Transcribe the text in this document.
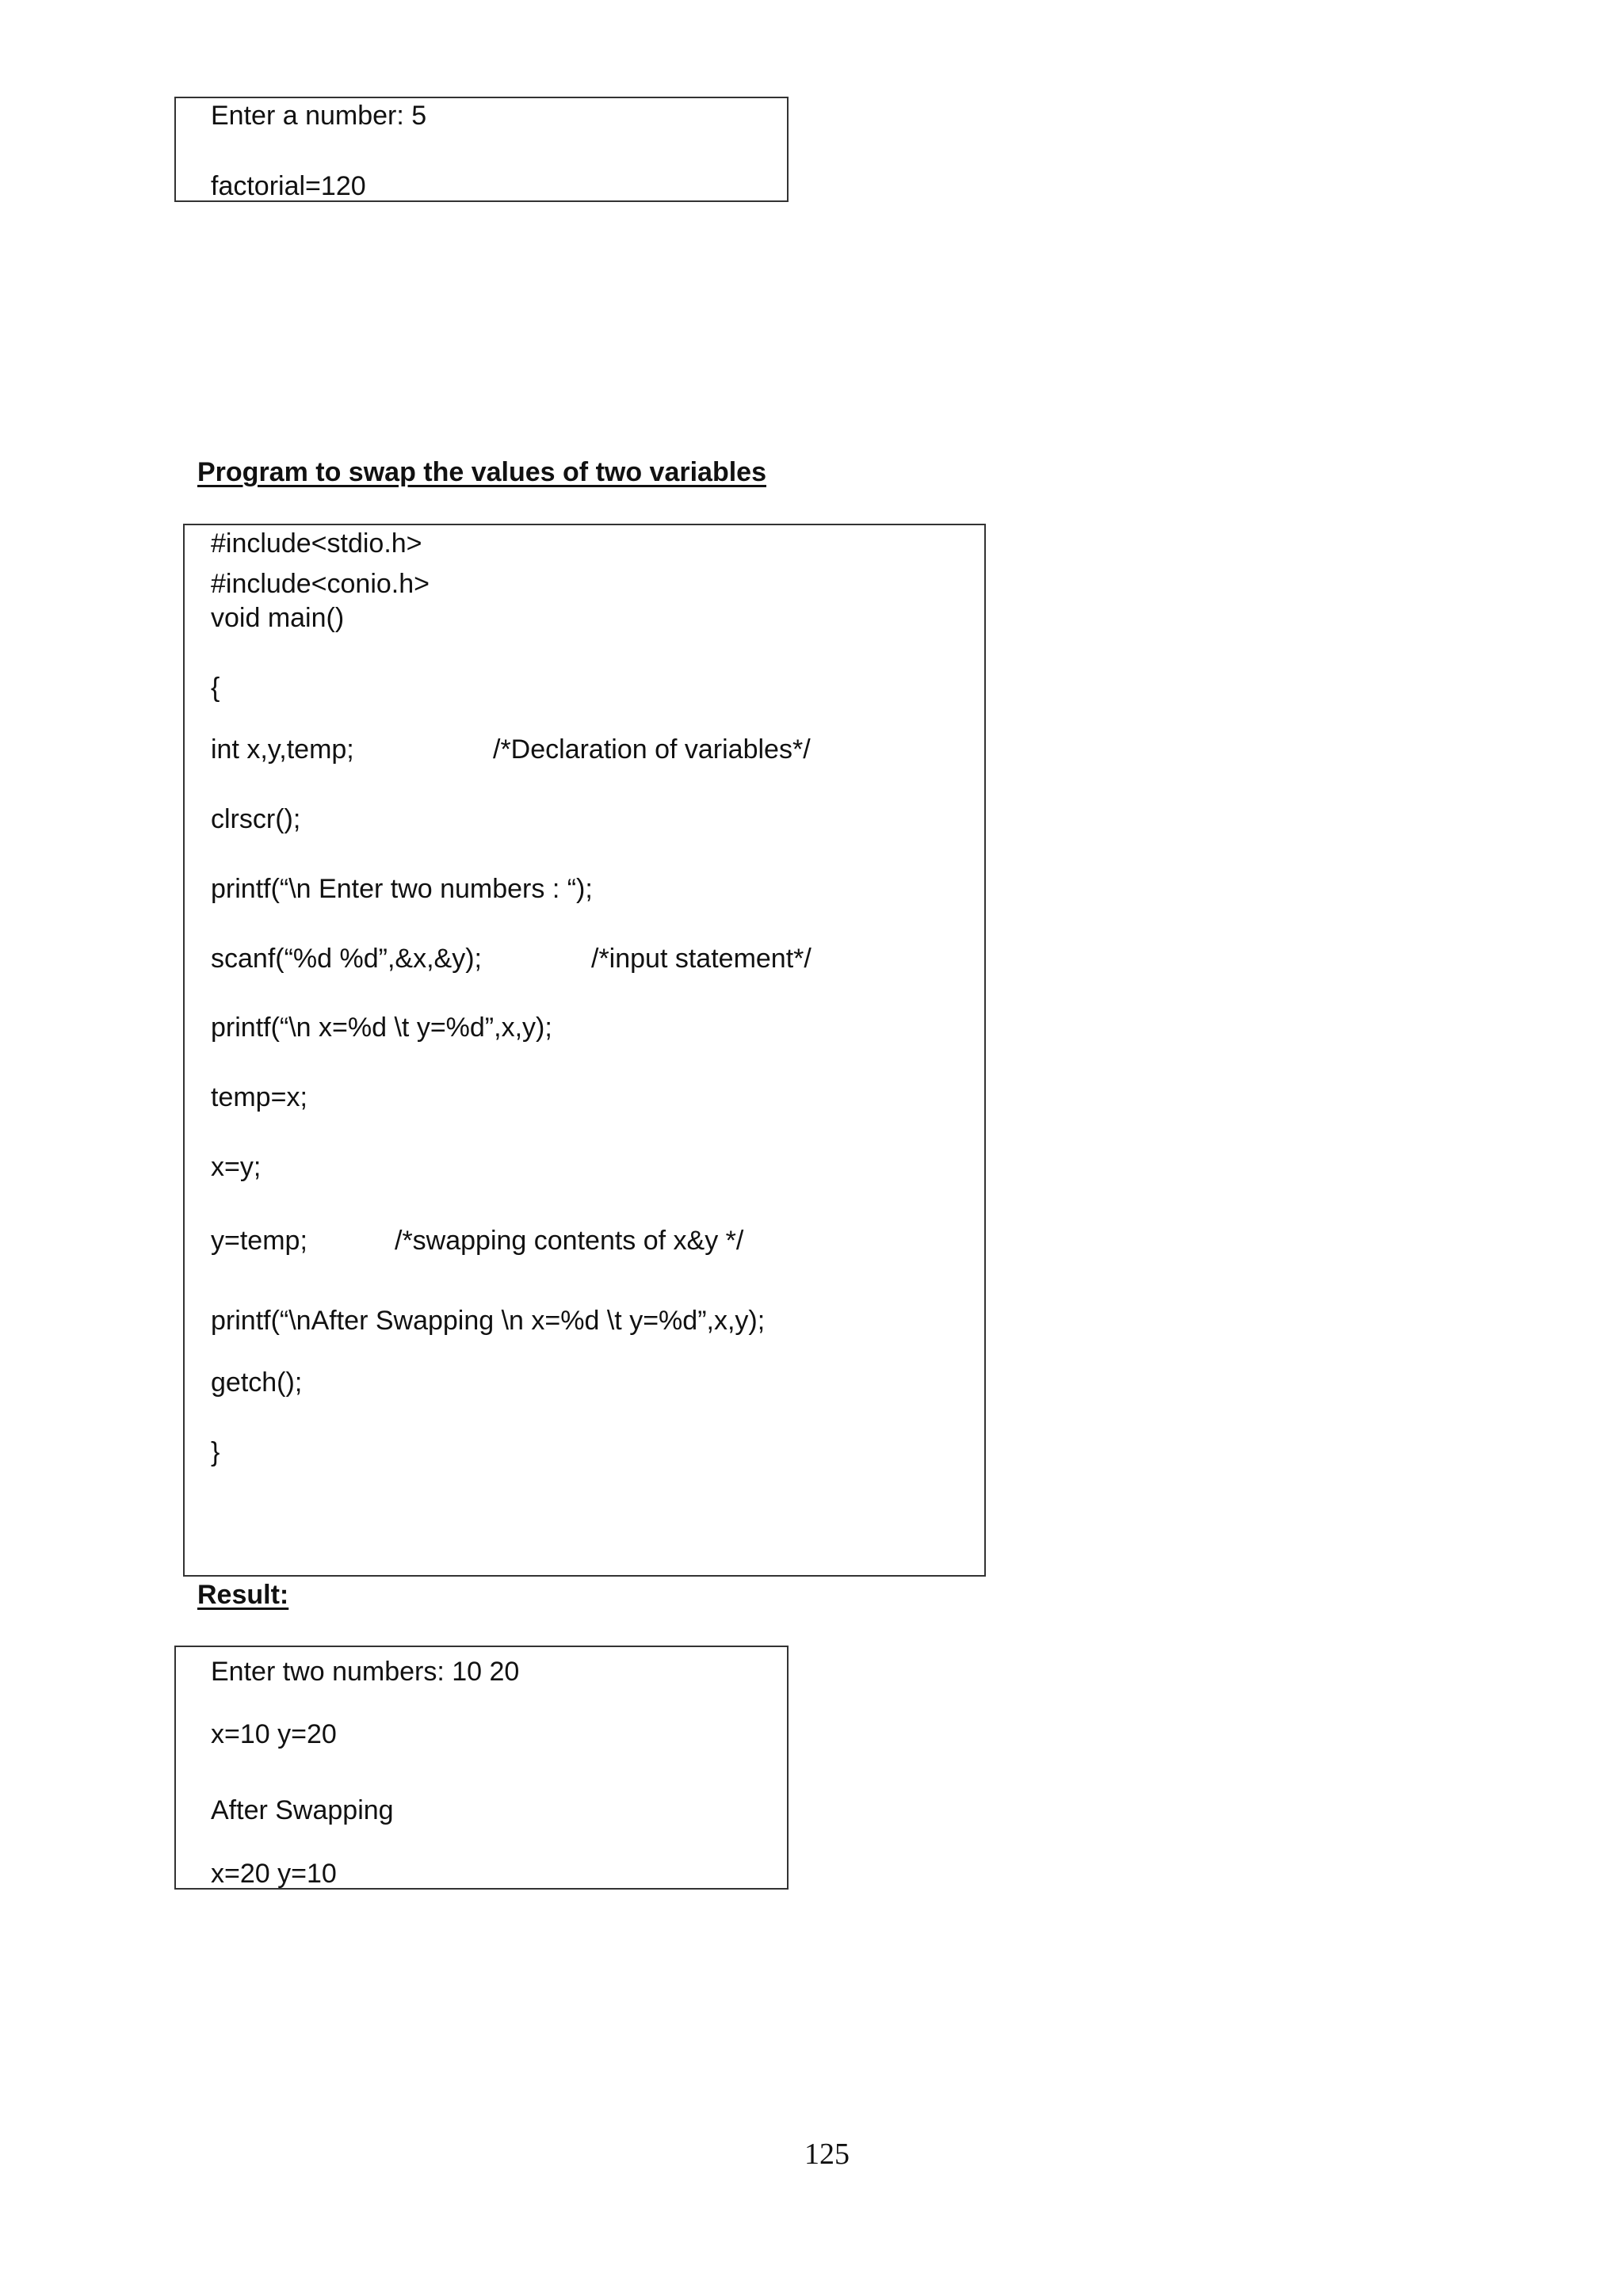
Enter a number: 5
factorial=120
Program to swap the values of two variables
#include<stdio.h>
#include<conio.h>
void main()
{
int x,y,temp;	/*Declaration of variables*/
clrscr();
printf(“\n Enter two numbers : “);
scanf(“%d %d”,&x,&y);	/*input statement*/
printf(“\n x=%d \t y=%d”,x,y);
temp=x;
x=y;
y=temp;	/*swapping contents of x&y */
printf(“\nAfter Swapping \n x=%d \t y=%d”,x,y);
getch();
}
Result:
Enter two numbers: 10 20
x=10 y=20
After Swapping
x=20 y=10
125
